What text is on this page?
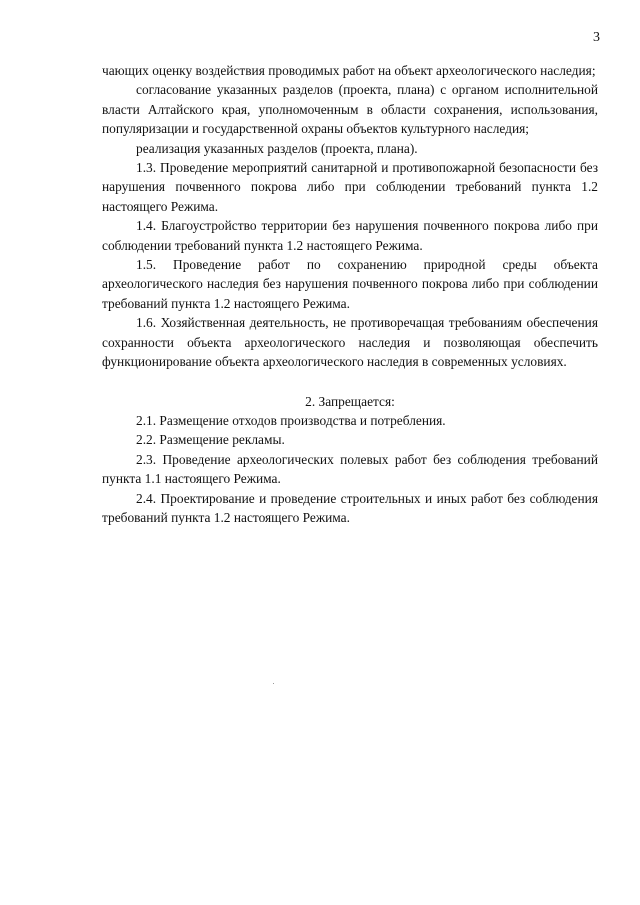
3

чающих оценку воздействия проводимых работ на объект археологического наследия;

согласование указанных разделов (проекта, плана) с органом исполнительной власти Алтайского края, уполномоченным в области сохранения, использования, популяризации и государственной охраны объектов культурного наследия;

реализация указанных разделов (проекта, плана).

1.3. Проведение мероприятий санитарной и противопожарной безопасности без нарушения почвенного покрова либо при соблюдении требований пункта 1.2 настоящего Режима.

1.4. Благоустройство территории без нарушения почвенного покрова либо при соблюдении требований пункта 1.2 настоящего Режима.

1.5. Проведение работ по сохранению природной среды объекта археологического наследия без нарушения почвенного покрова либо при соблюдении требований пункта 1.2 настоящего Режима.

1.6. Хозяйственная деятельность, не противоречащая требованиям обеспечения сохранности объекта археологического наследия и позволяющая обеспечить функционирование объекта археологического наследия в современных условиях.

2. Запрещается:

2.1. Размещение отходов производства и потребления.

2.2. Размещение рекламы.

2.3. Проведение археологических полевых работ без соблюдения требований пункта 1.1 настоящего Режима.

2.4. Проектирование и проведение строительных и иных работ без соблюдения требований пункта 1.2 настоящего Режима.
